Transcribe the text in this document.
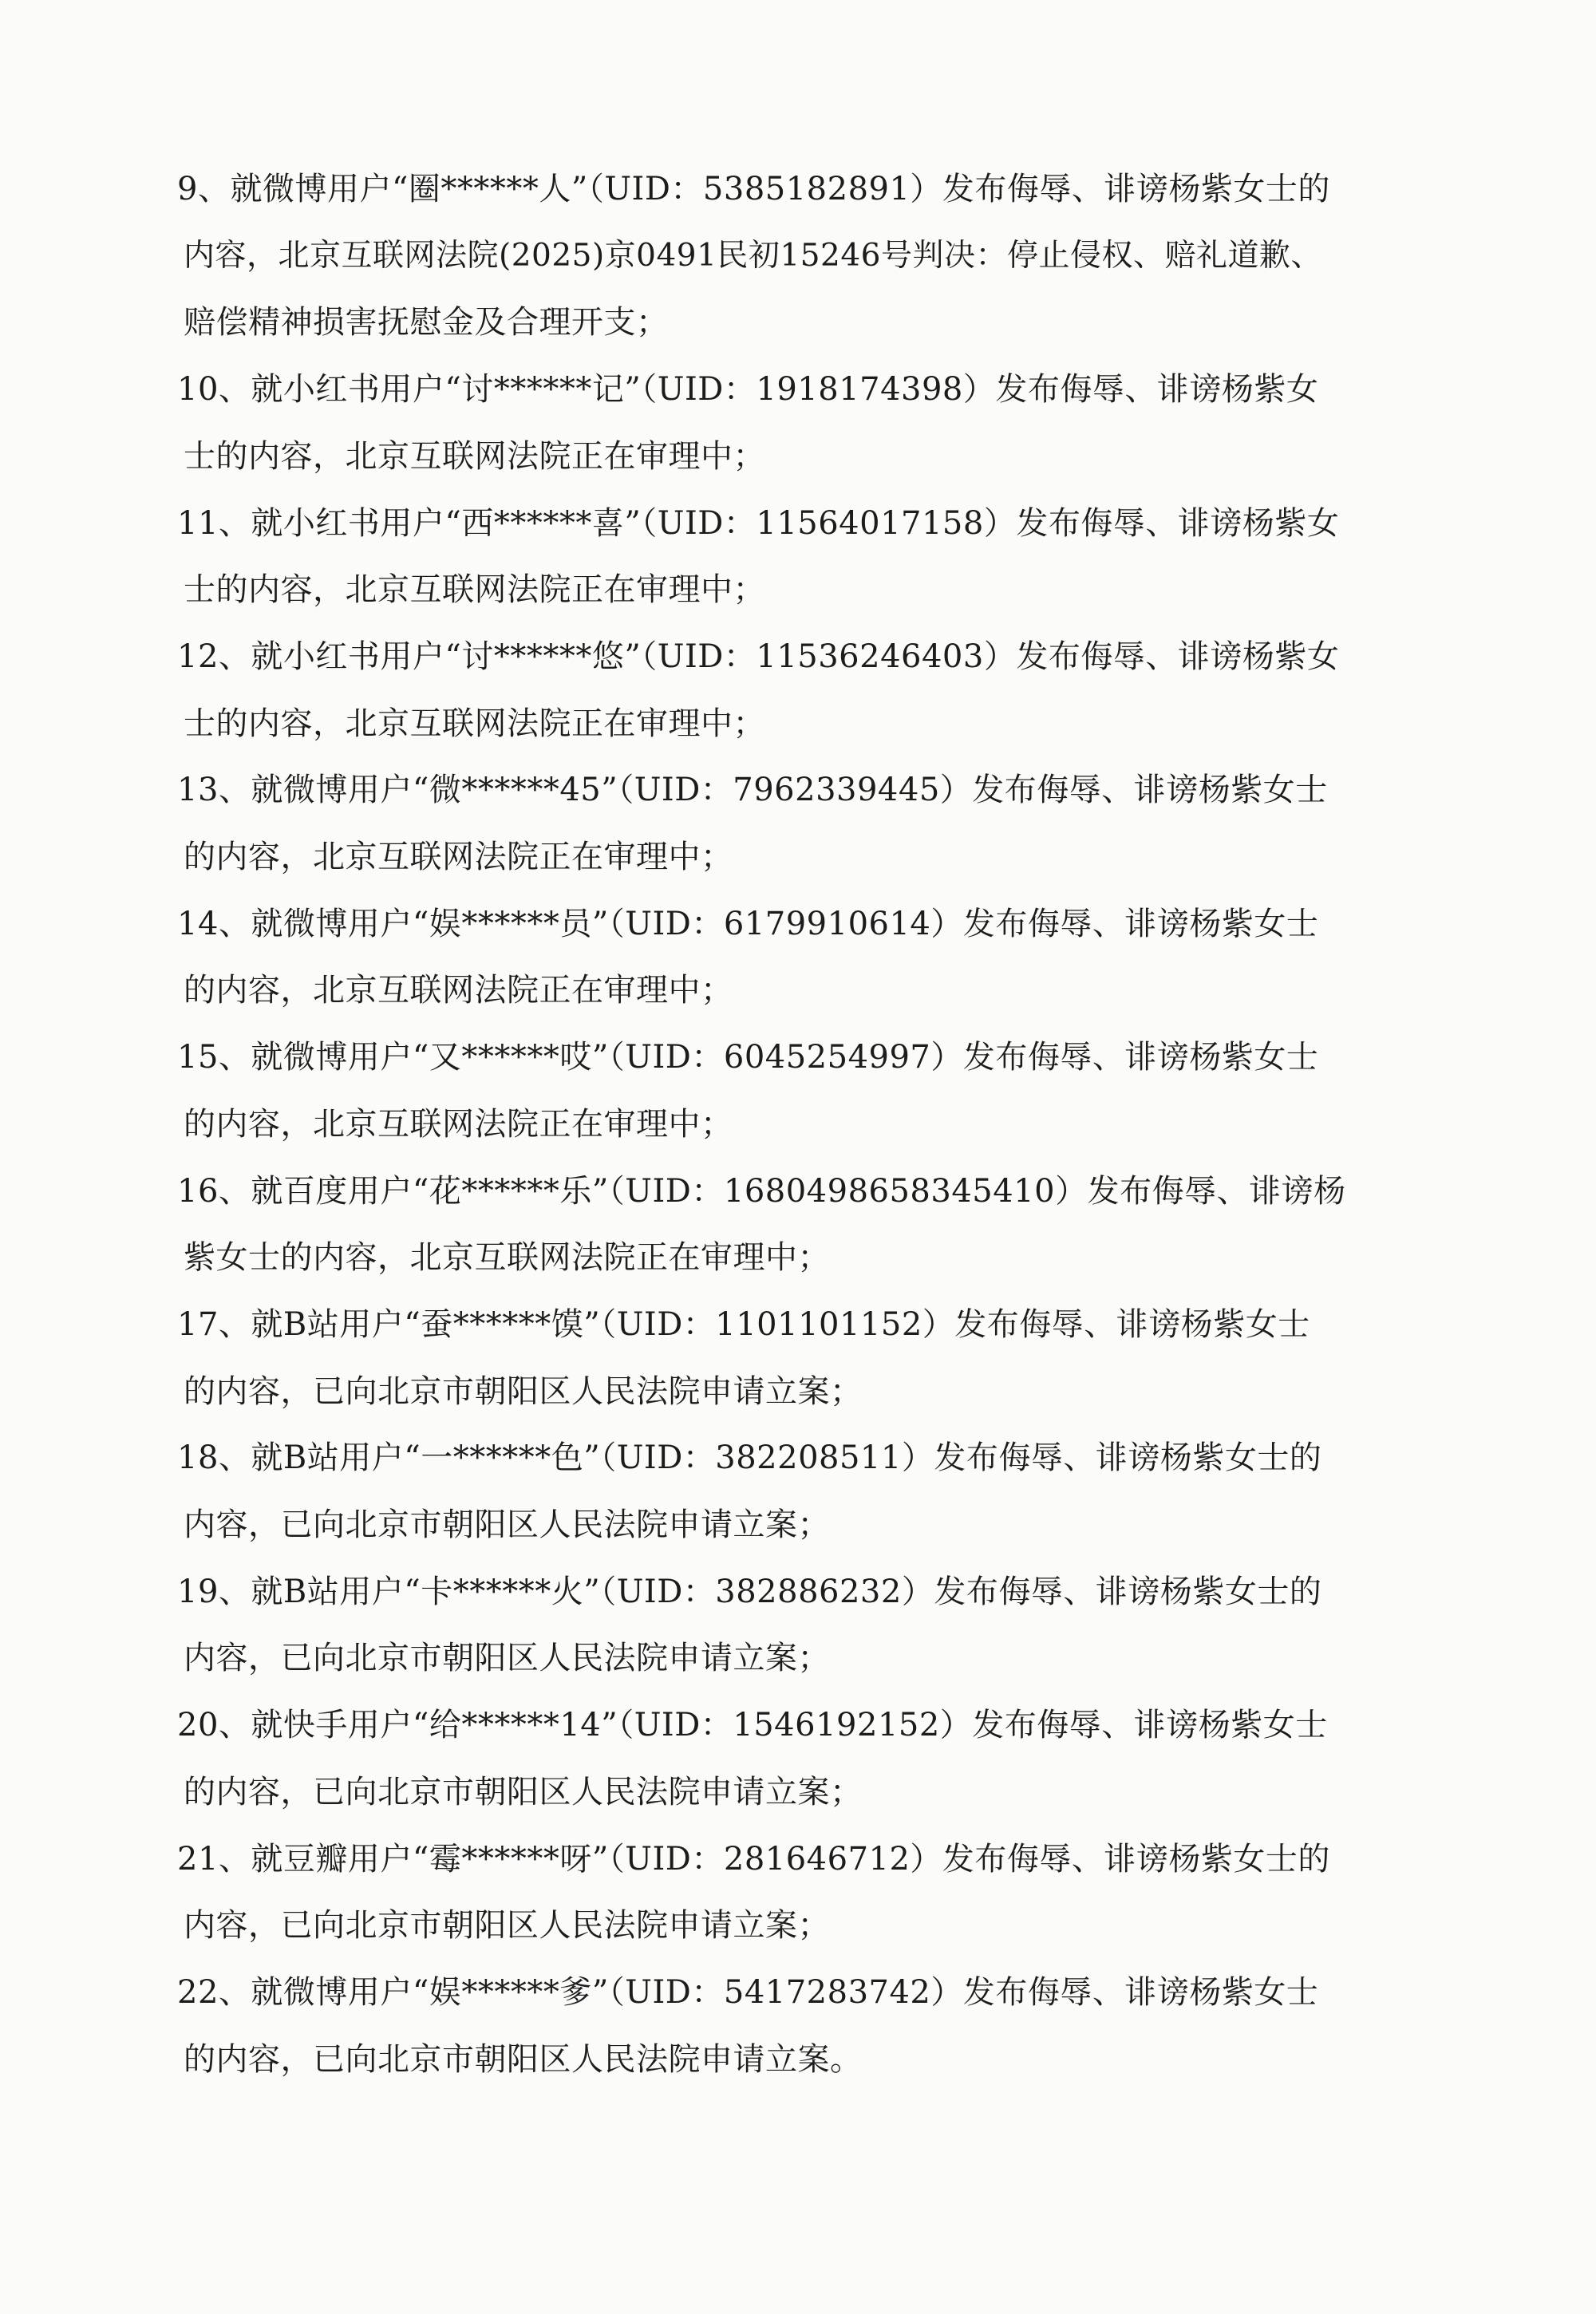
9、就微博用户“圈******人”（UID：5385182891）发布侮辱、诽谤杨紫女士的
内容，北京互联网法院(2025)京0491民初15246号判决：停止侵权、赔礼道歉、
赔偿精神损害抚慰金及合理开支；
10、就小红书用户“讨******记”（UID：1918174398）发布侮辱、诽谤杨紫女
士的内容，北京互联网法院正在审理中；
11、就小红书用户“西******喜”（UID：11564017158）发布侮辱、诽谤杨紫女
士的内容，北京互联网法院正在审理中；
12、就小红书用户“讨******悠”（UID：11536246403）发布侮辱、诽谤杨紫女
士的内容，北京互联网法院正在审理中；
13、就微博用户“微******45”（UID：7962339445）发布侮辱、诽谤杨紫女士
的内容，北京互联网法院正在审理中；
14、就微博用户“娱******员”（UID：6179910614）发布侮辱、诽谤杨紫女士
的内容，北京互联网法院正在审理中；
15、就微博用户“又******哎”（UID：6045254997）发布侮辱、诽谤杨紫女士
的内容，北京互联网法院正在审理中；
16、就百度用户“花******乐”（UID：1680498658345410）发布侮辱、诽谤杨
紫女士的内容，北京互联网法院正在审理中；
17、就B站用户“蚕******馍”（UID：1101101152）发布侮辱、诽谤杨紫女士
的内容，已向北京市朝阳区人民法院申请立案；
18、就B站用户“一******色”（UID：382208511）发布侮辱、诽谤杨紫女士的
内容，已向北京市朝阳区人民法院申请立案；
19、就B站用户“卡******火”（UID：382886232）发布侮辱、诽谤杨紫女士的
内容，已向北京市朝阳区人民法院申请立案；
20、就快手用户“给******14”（UID：1546192152）发布侮辱、诽谤杨紫女士
的内容，已向北京市朝阳区人民法院申请立案；
21、就豆瓣用户“霉******呀”（UID：281646712）发布侮辱、诽谤杨紫女士的
内容，已向北京市朝阳区人民法院申请立案；
22、就微博用户“娱******爹”（UID：5417283742）发布侮辱、诽谤杨紫女士
的内容，已向北京市朝阳区人民法院申请立案。
